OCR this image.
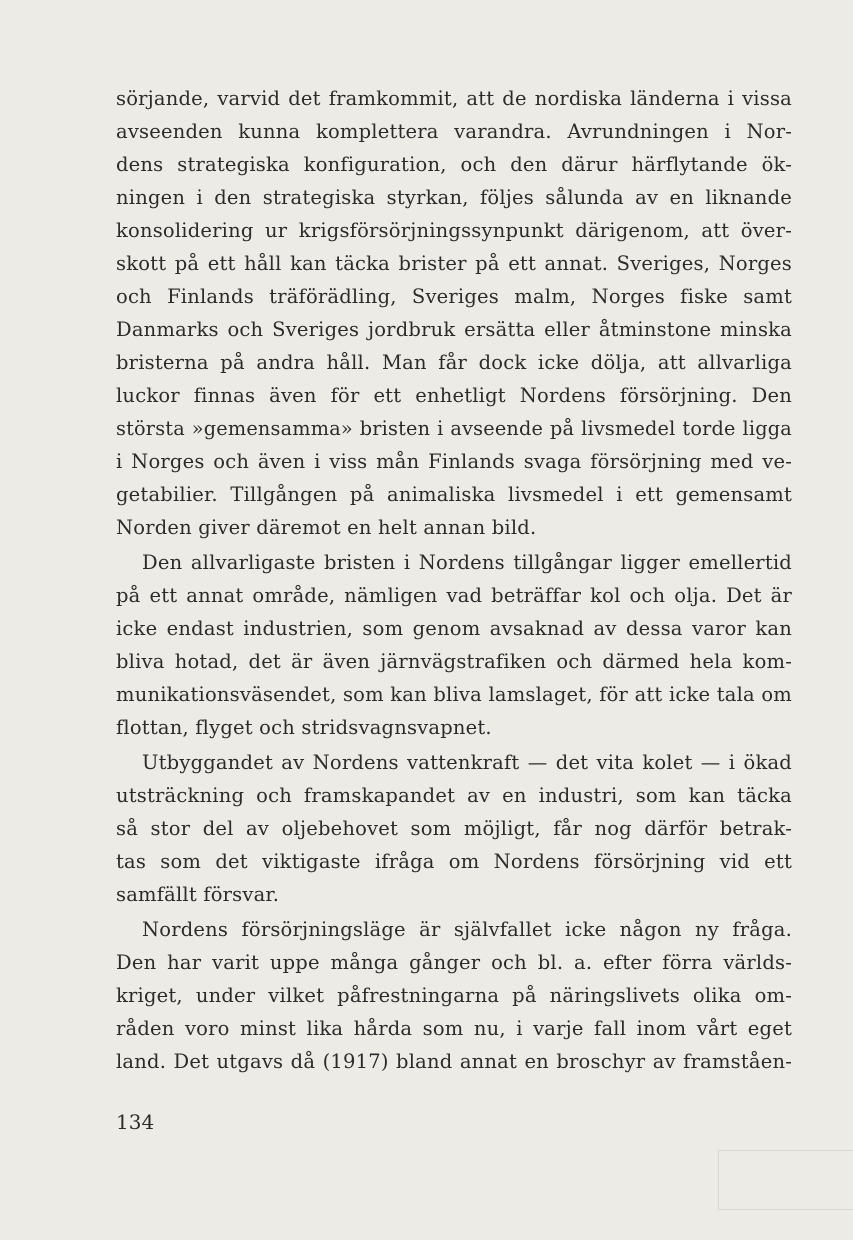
sörjande, varvid det framkommit, att de nordiska länderna i vissa
avseenden kunna komplettera varandra. Avrundningen i Nor-
dens strategiska konfiguration, och den därur härflytande ök-
ningen i den strategiska styrkan, följes sålunda av en liknande
konsolidering ur krigsförsörjningssynpunkt därigenom, att över-
skott på ett håll kan täcka brister på ett annat. Sveriges, Norges
och Finlands träförädling, Sveriges malm, Norges fiske samt
Danmarks och Sveriges jordbruk ersätta eller åtminstone minska
bristerna på andra håll. Man får dock icke dölja, att allvarliga
luckor finnas även för ett enhetligt Nordens försörjning. Den
största »gemensamma» bristen i avseende på livsmedel torde ligga
i Norges och även i viss mån Finlands svaga försörjning med ve-
getabilier. Tillgången på animaliska livsmedel i ett gemensamt
Norden giver däremot en helt annan bild.
Den allvarligaste bristen i Nordens tillgångar ligger emellertid
på ett annat område, nämligen vad beträffar kol och olja. Det är
icke endast industrien, som genom avsaknad av dessa varor kan
bliva hotad, det är även järnvägstrafiken och därmed hela kom-
munikationsväsendet, som kan bliva lamslaget, för att icke tala om
flottan, flyget och stridsvagnsvapnet.
Utbyggandet av Nordens vattenkraft — det vita kolet — i ökad
utsträckning och framskapandet av en industri, som kan täcka
så stor del av oljebehovet som möjligt, får nog därför betrak-
tas som det viktigaste ifråga om Nordens försörjning vid ett
samfällt försvar.
Nordens försörjningsläge är självfallet icke någon ny fråga.
Den har varit uppe många gånger och bl. a. efter förra världs-
kriget, under vilket påfrestningarna på näringslivets olika om-
råden voro minst lika hårda som nu, i varje fall inom vårt eget
land. Det utgavs då (1917) bland annat en broschyr av framståen-
134
